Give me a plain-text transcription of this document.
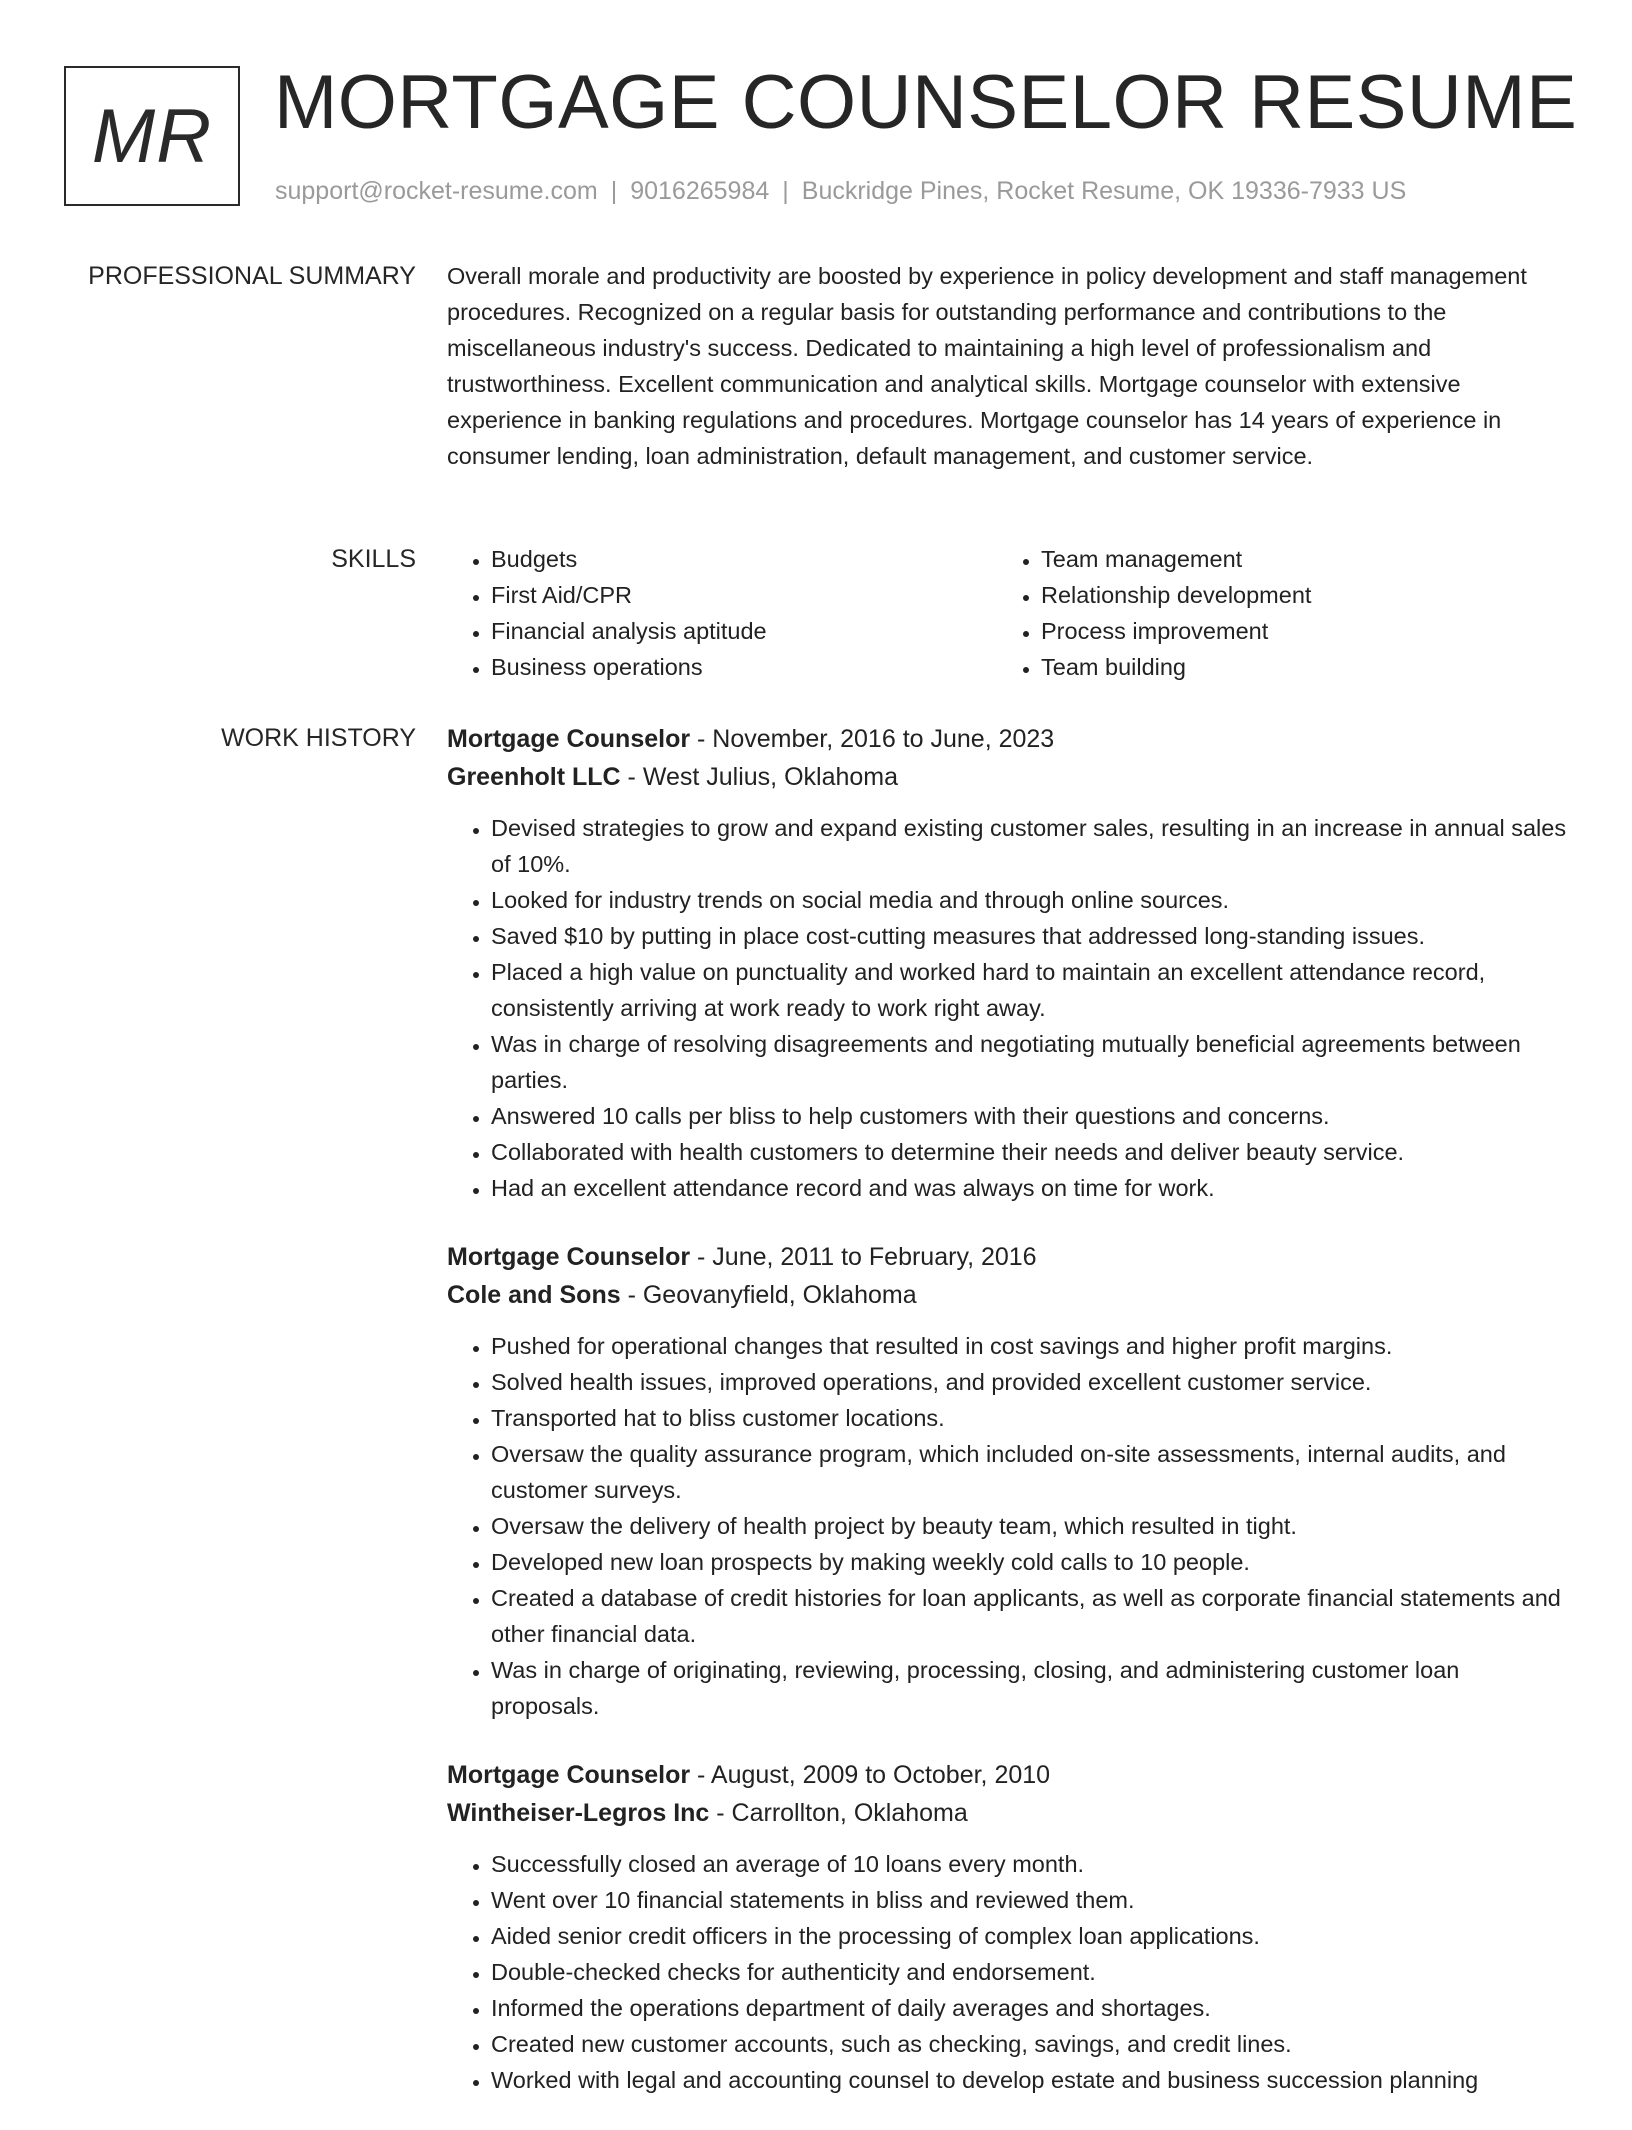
MR MORTGAGE COUNSELOR RESUME
support@rocket-resume.com | 9016265984 | Buckridge Pines, Rocket Resume, OK 19336-7933 US
PROFESSIONAL SUMMARY Overall morale and productivity are boosted by experience in policy development and staff management procedures. Recognized on a regular basis for outstanding performance and contributions to the miscellaneous industry's success. Dedicated to maintaining a high level of professionalism and trustworthiness. Excellent communication and analytical skills. Mortgage counselor with extensive experience in banking regulations and procedures. Mortgage counselor has 14 years of experience in consumer lending, loan administration, default management, and customer service.

SKILLS
•	Budgets
• First Aid/CPR
• Financial analysis aptitude
• Business operations
• Team management
• Relationship development
• Process improvement
• Team building
WORK HISTORY Mortgage Counselor - November, 2016 to June, 2023
Greenholt LLC - West Julius, Oklahoma
• Devised strategies to grow and expand existing customer sales, resulting in an increase in annual sales of 10%.
• Looked for industry trends on social media and through online sources.
• Saved $10 by putting in place cost-cutting measures that addressed long-standing issues.
• Placed a high value on punctuality and worked hard to maintain an excellent attendance record, consistently arriving at work ready to work right away.
• Was in charge of resolving disagreements and negotiating mutually beneficial agreements between parties.
• Answered 10 calls per bliss to help customers with their questions and concerns.
• Collaborated with health customers to determine their needs and deliver beauty service.
• Had an excellent attendance record and was always on time for work.
Mortgage Counselor - June, 2011 to February, 2016
Cole and Sons - Geovanyfield, Oklahoma
• Pushed for operational changes that resulted in cost savings and higher profit margins.
• Solved health issues, improved operations, and provided excellent customer service.
• Transported hat to bliss customer locations.
• Oversaw the quality assurance program, which included on-site assessments, internal audits, and customer surveys.
• Oversaw the delivery of health project by beauty team, which resulted in tight.
• Developed new loan prospects by making weekly cold calls to 10 people.
• Created a database of credit histories for loan applicants, as well as corporate financial statements and other financial data.
• Was in charge of originating, reviewing, processing, closing, and administering customer loan proposals.
Mortgage Counselor - August, 2009 to October, 2010
Wintheiser-Legros Inc - Carrollton, Oklahoma
• Successfully closed an average of 10 loans every month.
• Went over 10 financial statements in bliss and reviewed them.
• Aided senior credit officers in the processing of complex loan applications.
• Double-checked checks for authenticity and endorsement.
• Informed the operations department of daily averages and shortages.
• Created new customer accounts, such as checking, savings, and credit lines.
• Worked with legal and accounting counsel to develop estate and business succession planning
